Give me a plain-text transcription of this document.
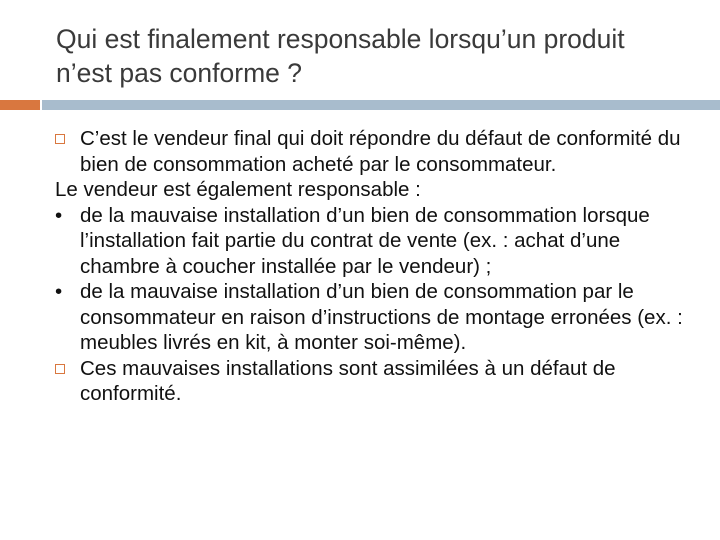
Qui est finalement responsable lorsqu’un produit n’est pas conforme ?
C’est le vendeur final qui doit répondre du défaut de conformité du bien de consommation acheté par le consommateur.
Le vendeur est également responsable :
• de la mauvaise installation d’un bien de consommation lorsque l’installation fait partie du contrat de vente (ex. : achat d’une chambre à coucher installée par le vendeur) ;
• de la mauvaise installation d’un bien de consommation par le consommateur en raison d’instructions de montage erronées (ex. : meubles livrés en kit, à monter soi-même).
Ces mauvaises installations sont assimilées à un défaut de conformité.
